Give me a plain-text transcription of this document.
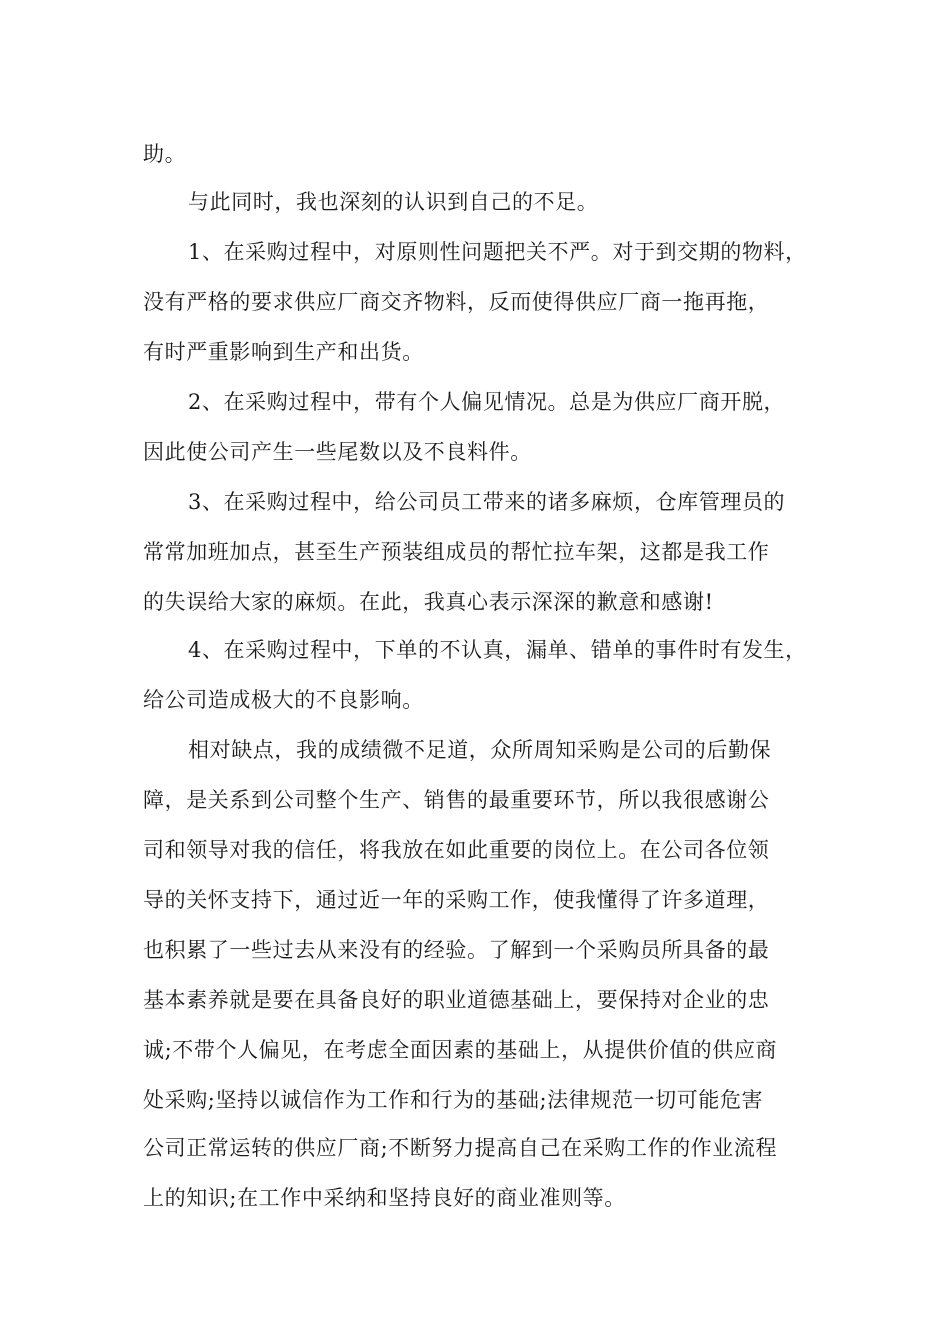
助。
与此同时，我也深刻的认识到自己的不足。
1、在采购过程中，对原则性问题把关不严。对于到交期的物料，
没有严格的要求供应厂商交齐物料，反而使得供应厂商一拖再拖，
有时严重影响到生产和出货。
2、在采购过程中，带有个人偏见情况。总是为供应厂商开脱，
因此使公司产生一些尾数以及不良料件。
3、在采购过程中，给公司员工带来的诸多麻烦，仓库管理员的
常常加班加点，甚至生产预装组成员的帮忙拉车架，这都是我工作
的失误给大家的麻烦。在此，我真心表示深深的歉意和感谢!
4、在采购过程中，下单的不认真，漏单、错单的事件时有发生，
给公司造成极大的不良影响。
相对缺点，我的成绩微不足道，众所周知采购是公司的后勤保
障，是关系到公司整个生产、销售的最重要环节，所以我很感谢公
司和领导对我的信任，将我放在如此重要的岗位上。在公司各位领
导的关怀支持下，通过近一年的采购工作，使我懂得了许多道理，
也积累了一些过去从来没有的经验。了解到一个采购员所具备的最
基本素养就是要在具备良好的职业道德基础上，要保持对企业的忠
诚;不带个人偏见，在考虑全面因素的基础上，从提供价值的供应商
处采购;坚持以诚信作为工作和行为的基础;法律规范一切可能危害
公司正常运转的供应厂商;不断努力提高自己在采购工作的作业流程
上的知识;在工作中采纳和坚持良好的商业准则等。
